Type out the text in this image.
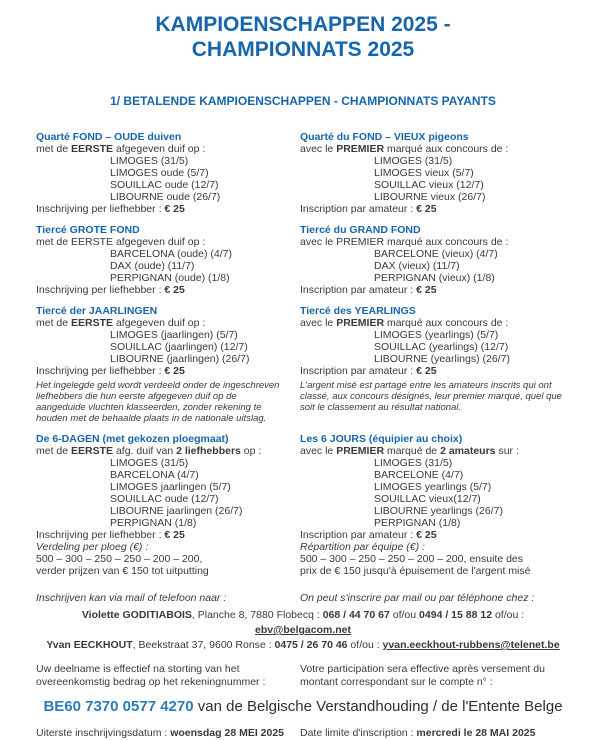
KAMPIOENSCHAPPEN 2025 -
CHAMPIONNATS 2025
1/ BETALENDE KAMPIOENSCHAPPEN - CHAMPIONNATS PAYANTS
Quarté FOND – OUDE duiven
met de EERSTE afgegeven duif op :
LIMOGES (31/5)
LIMOGES oude (5/7)
SOUILLAC oude (12/7)
LIBOURNE oude (26/7)
Inschrijving per liefhebber : € 25
Quarté du FOND – VIEUX pigeons
avec le PREMIER marqué aux concours de :
LIMOGES (31/5)
LIMOGES vieux (5/7)
SOUILLAC vieux (12/7)
LIBOURNE vieux (26/7)
Inscription par amateur : € 25
Tiercé GROTE FOND
met de EERSTE afgegeven duif op :
BARCELONA (oude) (4/7)
DAX (oude) (11/7)
PERPIGNAN (oude) (1/8)
Inschrijving per liefhebber : € 25
Tiercé du GRAND FOND
avec le PREMIER marqué aux concours de :
BARCELONE (vieux) (4/7)
DAX (vieux) (11/7)
PERPIGNAN (vieux) (1/8)
Inscription par amateur : € 25
Tiercé der JAARLINGEN
met de EERSTE afgegeven duif op :
LIMOGES (jaarlingen) (5/7)
SOUILLAC (jaarlingen) (12/7)
LIBOURNE (jaarlingen) (26/7)
Inschrijving per liefhebber : € 25
Het ingelegde geld wordt verdeeld onder de ingeschreven liefhebbers die hun eerste afgegeven duif op de aangeduide vluchten klasseerden, zonder rekening te houden met de behaalde plaats in de nationale uitslag.
Tiercé des YEARLINGS
avec le PREMIER marqué aux concours de :
LIMOGES (yearlings) (5/7)
SOUILLAC (yearlings) (12/7)
LIBOURNE (yearlings) (26/7)
Inscription par amateur : € 25
L'argent misé est partagé entre les amateurs inscrits qui ont classé, aux concours désignés, leur premier marqué, quel que soit le classement au résultat national.
De 6-DAGEN (met gekozen ploegmaat)
met de EERSTE afg. duif van 2 liefhebbers op :
LIMOGES (31/5)
BARCELONA (4/7)
LIMOGES jaarlingen (5/7)
SOUILLAC oude (12/7)
LIBOURNE jaarlingen (26/7)
PERPIGNAN (1/8)
Inschrijving per liefhebber : € 25
Verdeling per ploeg (€) :
500 – 300 – 250 – 250 – 200 – 200,
verder prijzen van € 150 tot uitputting
Les 6 JOURS (équipier au choix)
avec le PREMIER marqué de 2 amateurs sur :
LIMOGES (31/5)
BARCELONE (4/7)
LIMOGES yearlings (5/7)
SOUILLAC vieux(12/7)
LIBOURNE yearlings (26/7)
PERPIGNAN (1/8)
Inscription par amateur : € 25
Répartition par équipe (€) :
500 – 300 – 250 – 250 – 200 – 200, ensuite des
prix de € 150 jusqu'à épuisement de l'argent misé
Inschrijven kan via mail of telefoon naar :	On peut s'inscrire par mail ou par téléphone chez :
Violette GODITIABOIS, Planche 8, 7880 Flobecq : 068 / 44 70 67 of/ou 0494 / 15 88 12 of/ou : ebv@belgacom.net
Yvan EECKHOUT, Beekstraat 37, 9600 Ronse : 0475 / 26 70 46 of/ou : yvan.eeckhout-rubbens@telenet.be
Uw deelname is effectief na storting van het overeenkomstig bedrag op het rekeningnummer :
Votre participation sera effective après versement du montant correspondant sur le compte n° :
BE60 7370 0577 4270 van de Belgische Verstandhouding / de l'Entente Belge
Uiterste inschrijvingsdatum : woensdag 28 MEI 2025	Date limite d'inscription : mercredi le 28 MAI 2025
